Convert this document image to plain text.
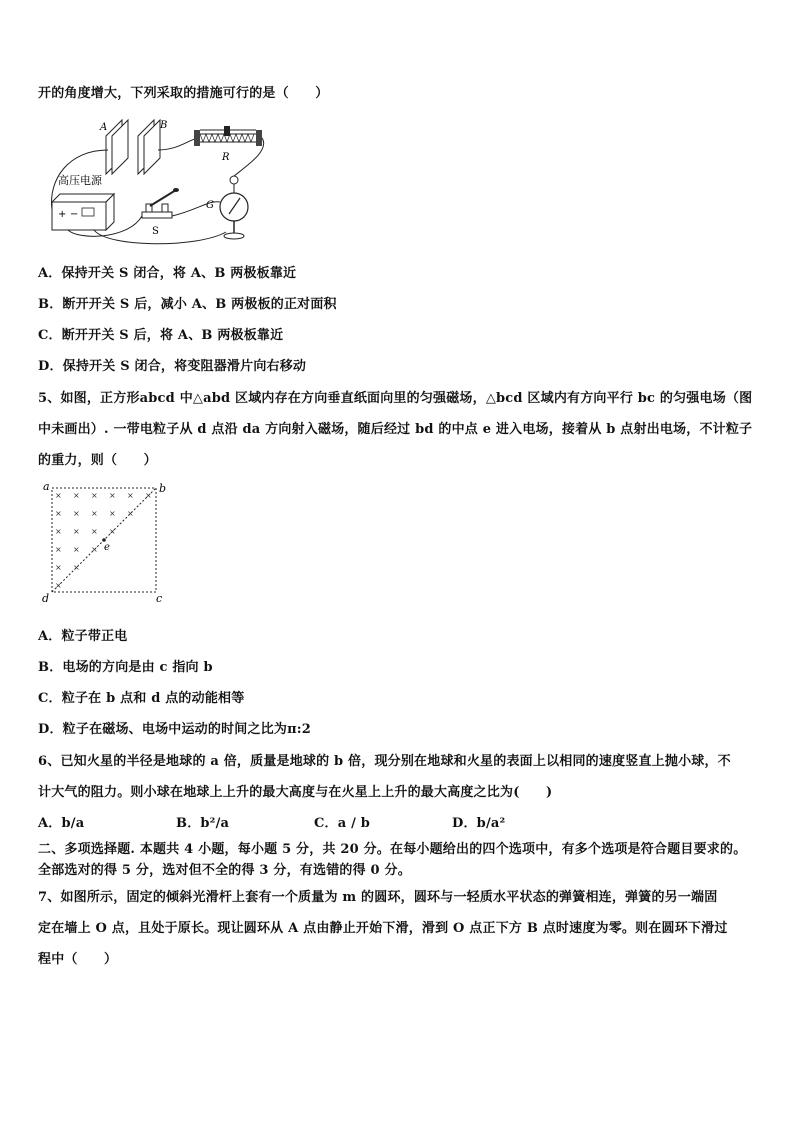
开的角度增大，下列采取的措施可行的是（　　）
A	B
R
G
高压电源
+ −
S
A．保持开关 S 闭合，将 A、B 两极板靠近
B．断开开关 S 后，减小 A、B 两极板的正对面积
C．断开开关 S 后，将 A、B 两极板靠近
D．保持开关 S 闭合，将变阻器滑片向右移动
5、如图，正方形abcd 中△abd 区域内存在方向垂直纸面向里的匀强磁场，△bcd 区域内有方向平行 bc 的匀强电场（图
中未画出）. 一带电粒子从 d 点沿 da 方向射入磁场，随后经过 bd 的中点 e 进入电场，接着从 b 点射出电场，不计粒子
的重力，则（　　）
× × × × × ×
× × × × ×
× × × ×
× × ×
× ×
×
a	b
c
d
e
A．粒子带正电
B．电场的方向是由 c 指向 b
C．粒子在 b 点和 d 点的动能相等
D．粒子在磁场、电场中运动的时间之比为π:2
6、已知火星的半径是地球的 a 倍，质量是地球的 b 倍，现分别在地球和火星的表面上以相同的速度竖直上抛小球，不
计大气的阻力。则小球在地球上上升的最大高度与在火星上上升的最大高度之比为(　　)
A．b/a	B．b²/a	C．a / b	D．b/a²
二、多项选择题. 本题共 4 小题，每小题 5 分，共 20 分。在每小题给出的四个选项中，有多个选项是符合题目要求的。
全部选对的得 5 分，选对但不全的得 3 分，有选错的得 0 分。
7、如图所示，固定的倾斜光滑杆上套有一个质量为 m 的圆环，圆环与一轻质水平状态的弹簧相连，弹簧的另一端固
定在墙上 O 点，且处于原长。现让圆环从 A 点由静止开始下滑，滑到 O 点正下方 B 点时速度为零。则在圆环下滑过
程中（　　）
